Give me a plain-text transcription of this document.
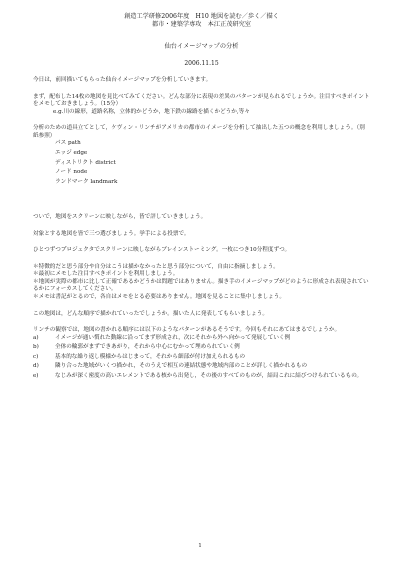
創造工学研修2006年度　H10 地図を読む／歩く／描く

都市・建築学専攻　本江正茂研究室

仙台イメージマップの分析

2006.11.15

今日は，前回描いてもらった仙台イメージマップを分析していきます。

まず，配布した14枚の地図を見比べてみてください。どんな部分に表現の差異のパターンが見られるでしょうか。注目すべきポイントをメモしておきましょう。（15分）

e.g.川の線形，道路名称，立体的かどうか，地下鉄の線路を描くかどうか,等々

分析のための道具立てとして，ケヴィン・リンチがアメリカの都市のイメージを分析して抽出した五つの概念を利用しましょう。（別紙参照）

パス path
エッジ edge
ディストリクト district
ノード node
ランドマーク landmark

ついで，地図をスクリーンに映しながら，皆で評していきましょう。

対象とする地図を皆で三つ選びましょう。挙手による投票で。

ひとつずつプロジェクタでスクリーンに映しながらブレインストーミング。一枚につき10分程度ずつ。

＊特徴的だと思う部分や自分はこうは描かなかったと思う部分について，自由に指摘しましょう。

＊最初にメモした注目すべきポイントを利用しましょう。

＊地図が実際の都市に比して正確であるかどうかは問題ではありません。描き手のイメージマップがどのように形成され表現されているかにフォーカスしてください。

＊メモは書記がとるので，各自はメモをとる必要はありません。地図を見ることに集中しましょう。

この地図は，どんな順序で描かれていったでしょうか。描いた人に発表してもらいましょう。

リンチの観察では，地図の書かれる順序には以下のようなパターンがあるそうです。今回もそれにあてはまるでしょうか。

a)	イメージが通い慣れた動線に沿ってまず形成され，次にそれから外へ向かって発展していく例
b)	全体の輪郭がまずできあがり，それから中心にむかって埋められていく例
c)	基本的な繰り返し模様からはじまって，それから細部が付け加えられるもの
d)	隣り合った地域がいくつ描かれ，そのうえで相互の連結状態や地域内部のことが詳しく描かれるもの
e)	なじみが深く密度の高いエレメントである核から出発し，その後のすべてのものが，結局これに結びつけられているもの。
1
